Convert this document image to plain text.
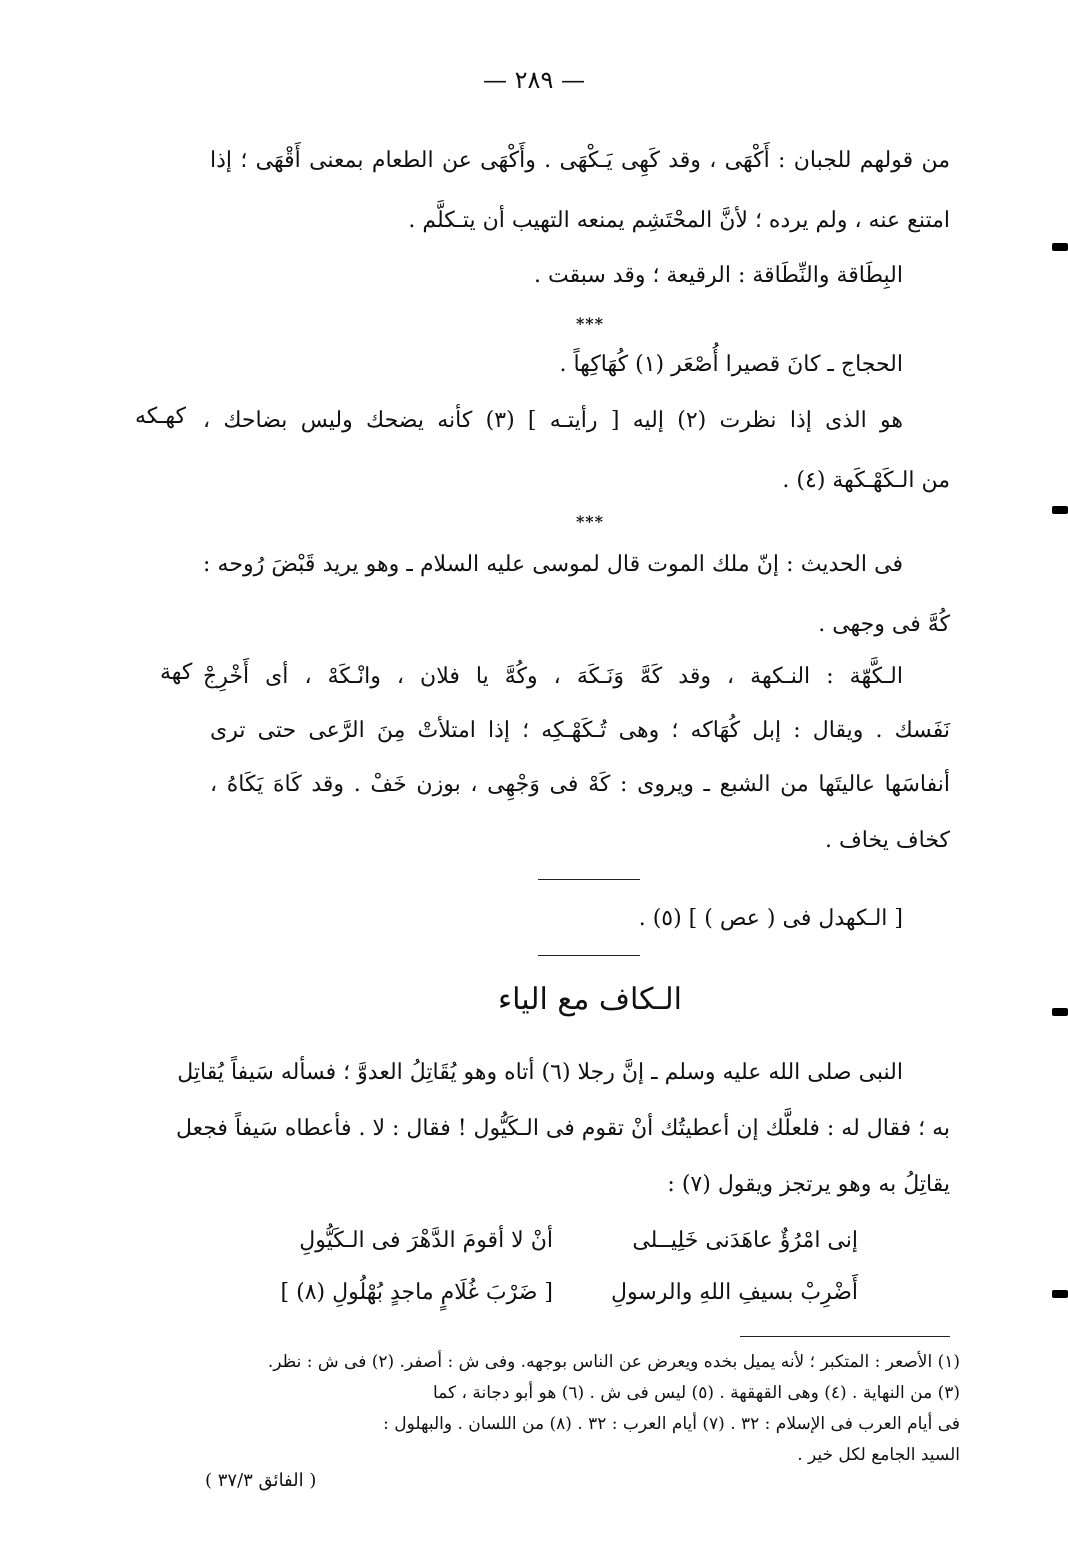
— ٢٨٩ —
من قولهم للجبان : أَكْهَى ، وقد كَهِى يَـكْهَى . وأَكْهَى عن الطعام بمعنى أَقْهَى ؛ إذا
امتنع عنه ، ولم يرده ؛ لأنَّ المحْتَشِم يمنعه التهيب أن يتـكلَّم .
البِطَاقة والنِّطَاقة : الرقيعة ؛ وقد سبقت .
***
الحجاج ـ كانَ قصيرا أُصْعَر (١) كُهَاكِهاً .
هو الذى إذا نظرت (٢) إليه [ رأيتـه ] (٣) كأنه يضحك وليس بضاحك ،
كهـكه
من الـكَهْـكَهة (٤) .
***
فى الحديث : إنّ ملك الموت قال لموسى عليه السلام ـ وهو يريد قَبْضَ رُوحه :
كُهَّ فى وجهى .
الـكَّهّة : النـكهة ، وقد كَهَّ وَنَـكَهَ ، وكُهَّ يا فلان ، وانْـكَهْ ، أى أَخْرِجْ
كهة
نَفَسك . ويقال : إبل كُهَاكه ؛ وهى تُـكَهْـكِه ؛ إذا امتلأتْ مِنَ الرَّعى حتى ترى
أنفاسَها عاليتَها من الشبع ـ ويروى : كَهْ فى وَجْهِى ، بوزن خَفْ . وقد كَاهَ يَكَاهُ ،
كخاف يخاف .
[ الـكهدل فى ( عص ) ] (٥) .
الـكاف مع الياء
النبى صلى الله عليه وسلم ـ إنَّ رجلا (٦) أتاه وهو يُقَاتِلُ العدوَّ ؛ فسأله سَيفاً يُقاتِل
به ؛ فقال له : فلعلَّك إن أعطيتُك أنْ تقوم فى الـكَيُّول ! فقال : لا . فأعطاه سَيفاً فجعل
يقاتِلُ به وهو يرتجز ويقول (٧) :
إنى امْرُؤٌ عاهَدَنى خَلِيــلى
أنْ لا أقومَ الدَّهْرَ فى الـكَيُّولِ
أَضْرِبْ بسيفِ اللهِ والرسولِ
[ ضَرْبَ غُلَامٍ ماجدٍ بُهْلُولِ (٨) ]
(١) الأصعر : المتكبر ؛ لأنه يميل بخده ويعرض عن الناس بوجهه. وفى ش : أصفر. (٢) فى ش : نظر.
(٣) من النهاية . (٤) وهى القهقهة . (٥) ليس فى ش . (٦) هو أبو دجانة ، كما
فى أيام العرب فى الإسلام : ٣٢ . (٧) أيام العرب : ٣٢ . (٨) من اللسان . والبهلول :
السيد الجامع لكل خير .
( الفائق ٣٧/٣ )
